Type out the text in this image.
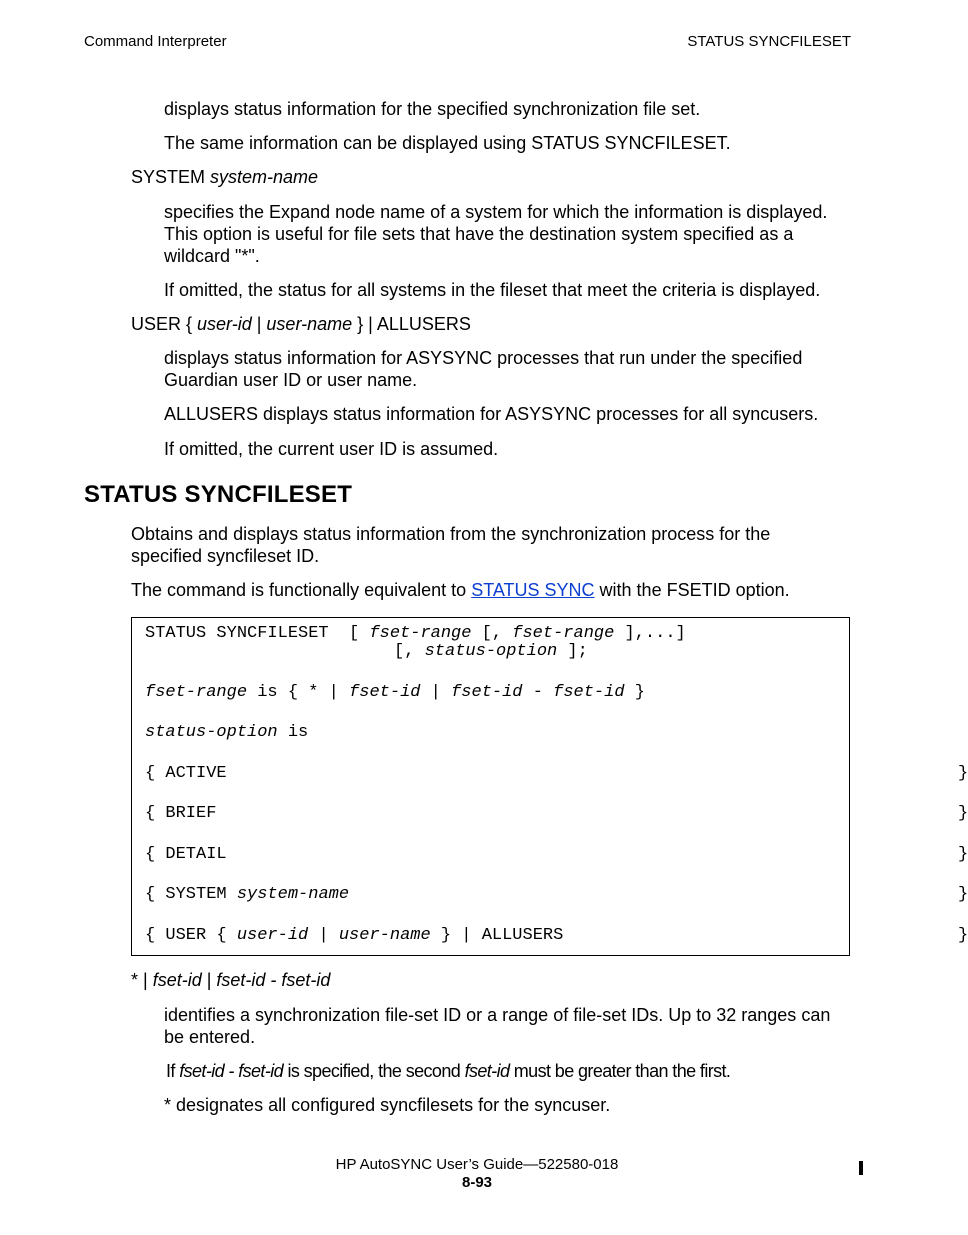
Command Interpreter	STATUS SYNCFILESET
displays status information for the specified synchronization file set.
The same information can be displayed using STATUS SYNCFILESET.
SYSTEM system-name
specifies the Expand node name of a system for which the information is displayed. This option is useful for file sets that have the destination system specified as a wildcard "*".
If omitted, the status for all systems in the fileset that meet the criteria is displayed.
USER { user-id | user-name } | ALLUSERS
displays status information for ASYSYNC processes that run under the specified Guardian user ID or user name.
ALLUSERS displays status information for ASYSYNC processes for all syncusers.
If omitted, the current user ID is assumed.
STATUS SYNCFILESET
Obtains and displays status information from the synchronization process for the specified syncfileset ID.
The command is functionally equivalent to STATUS SYNC with the FSETID option.
STATUS SYNCFILESET  [ fset-range [, fset-range ],...]
[, status-option ];
fset-range is { * | fset-id | fset-id - fset-id }
status-option is
{ ACTIVE	}
{ BRIEF	}
{ DETAIL	}
{ SYSTEM system-name	}
{ USER { user-id | user-name } | ALLUSERS	}
* | fset-id | fset-id - fset-id
identifies a synchronization file-set ID or a range of file-set IDs. Up to 32 ranges can be entered.
If fset-id - fset-id is specified, the second fset-id must be greater than the first.
* designates all configured syncfilesets for the syncuser.
HP AutoSYNC User’s Guide—522580-018
8-93
